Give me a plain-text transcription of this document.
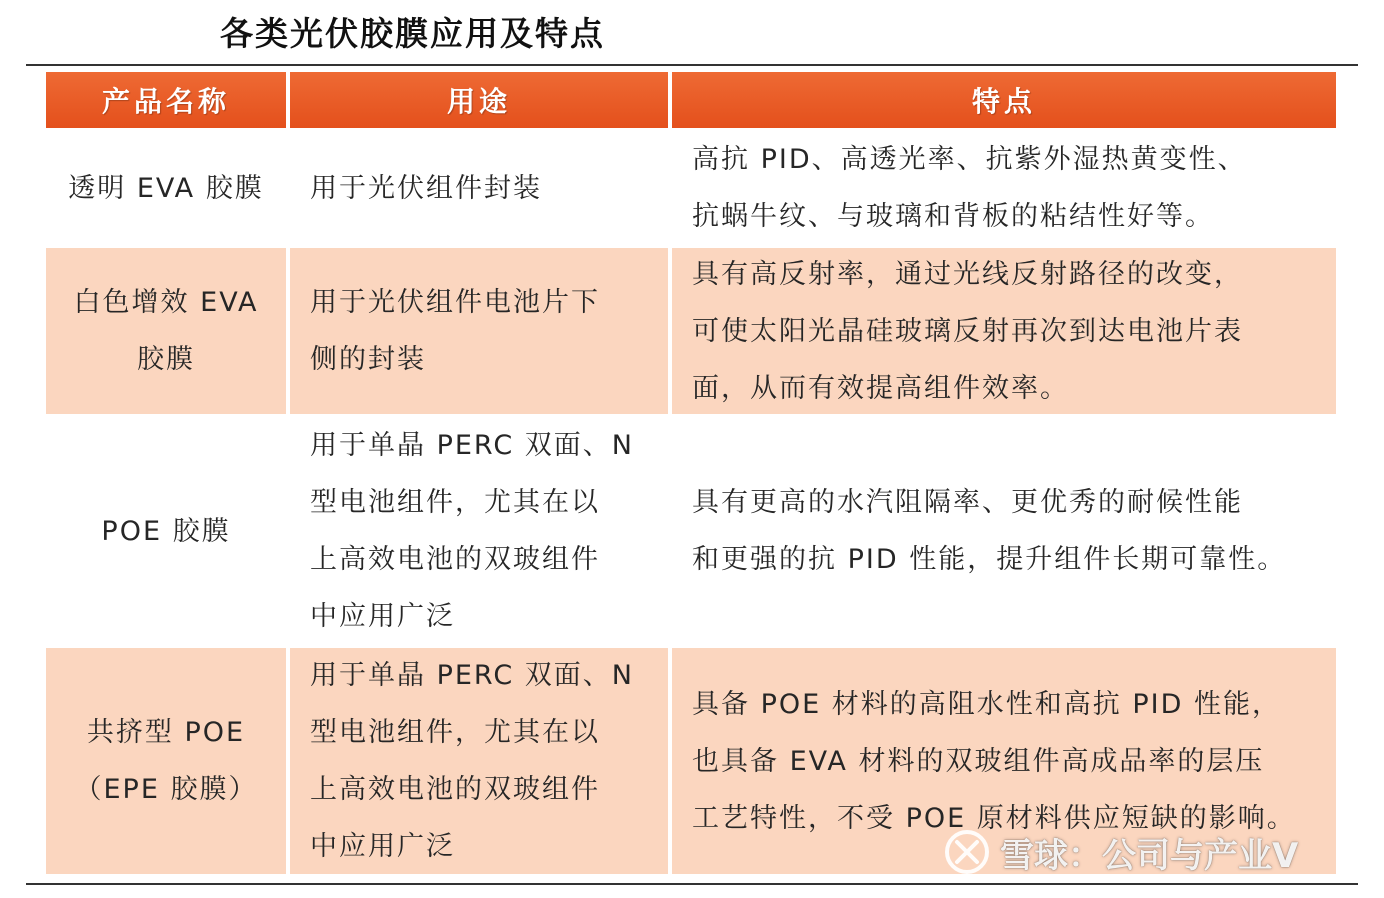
各类光伏胶膜应用及特点
产品名称	用途	特点
透明 EVA 胶膜 用于光伏组件封装
高抗 PID、高透光率、抗紫外湿热黄变性、
抗蜗牛纹、与玻璃和背板的粘结性好等。
白色增效 EVA
胶膜
用于光伏组件电池片下
侧的封装
具有高反射率，通过光线反射路径的改变，
可使太阳光晶硅玻璃反射再次到达电池片表
面，从而有效提高组件效率。
POE 胶膜
用于单晶 PERC 双面、N
型电池组件，尤其在以
上高效电池的双玻组件
中应用广泛
具有更高的水汽阻隔率、更优秀的耐候性能
和更强的抗 PID 性能，提升组件长期可靠性。
共挤型 POE
（EPE 胶膜）
用于单晶 PERC 双面、N
型电池组件，尤其在以
上高效电池的双玻组件
中应用广泛
具备 POE 材料的高阻水性和高抗 PID 性能，
也具备 EVA 材料的双玻组件高成品率的层压
工艺特性，不受 POE 原材料供应短缺的影响。
雪球：公司与产业V
